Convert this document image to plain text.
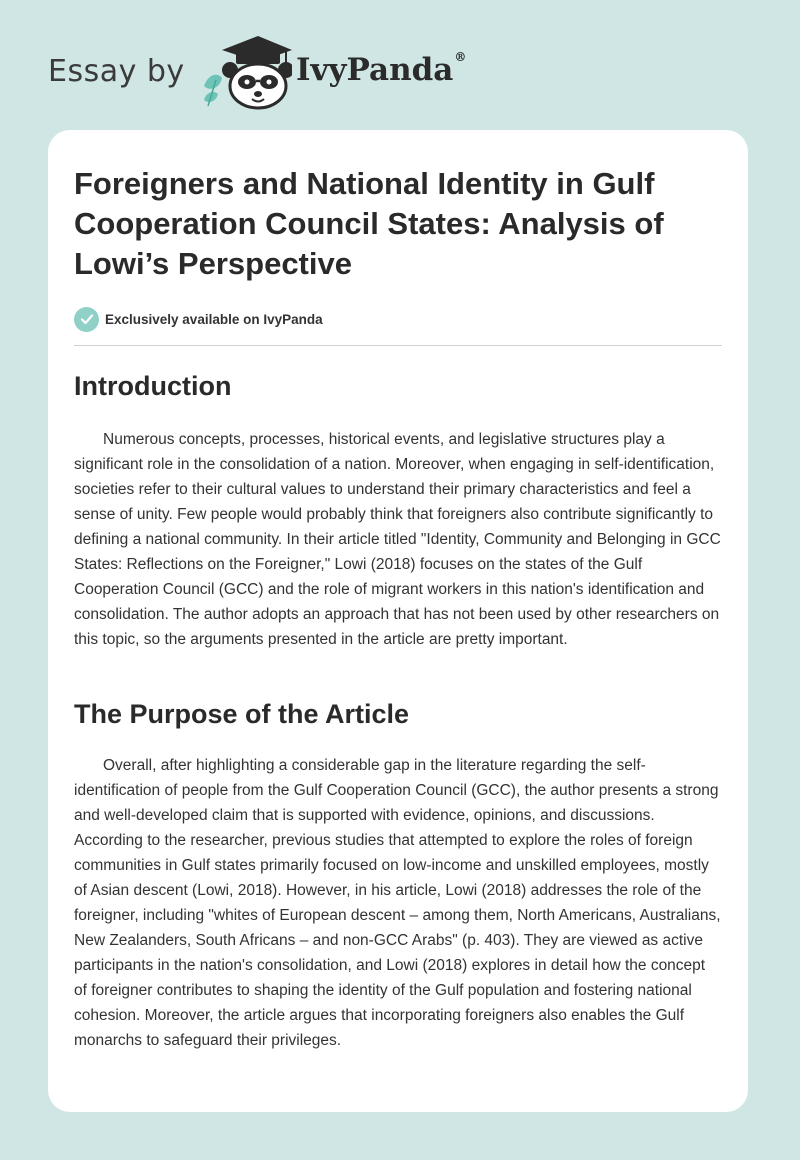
Essay by	IvyPanda®
Foreigners and National Identity in Gulf Cooperation Council States: Analysis of Lowi’s Perspective
Exclusively available on IvyPanda
Introduction

Numerous concepts, processes, historical events, and legislative structures play a significant role in the consolidation of a nation. Moreover, when engaging in self-identification, societies refer to their cultural values to understand their primary characteristics and feel a sense of unity. Few people would probably think that foreigners also contribute significantly to defining a national community. In their article titled "Identity, Community and Belonging in GCC States: Reflections on the Foreigner," Lowi (2018) focuses on the states of the Gulf Cooperation Council (GCC) and the role of migrant workers in this nation's identification and consolidation. The author adopts an approach that has not been used by other researchers on this topic, so the arguments presented in the article are pretty important.

The Purpose of the Article

Overall, after highlighting a considerable gap in the literature regarding the self-identification of people from the Gulf Cooperation Council (GCC), the author presents a strong and well-developed claim that is supported with evidence, opinions, and discussions. According to the researcher, previous studies that attempted to explore the roles of foreign communities in Gulf states primarily focused on low-income and unskilled employees, mostly of Asian descent (Lowi, 2018). However, in his article, Lowi (2018) addresses the role of the foreigner, including "whites of European descent – among them, North Americans, Australians, New Zealanders, South Africans – and non-GCC Arabs" (p. 403). They are viewed as active participants in the nation's consolidation, and Lowi (2018) explores in detail how the concept of foreigner contributes to shaping the identity of the Gulf population and fostering national cohesion. Moreover, the article argues that incorporating foreigners also enables the Gulf monarchs to safeguard their privileges.
